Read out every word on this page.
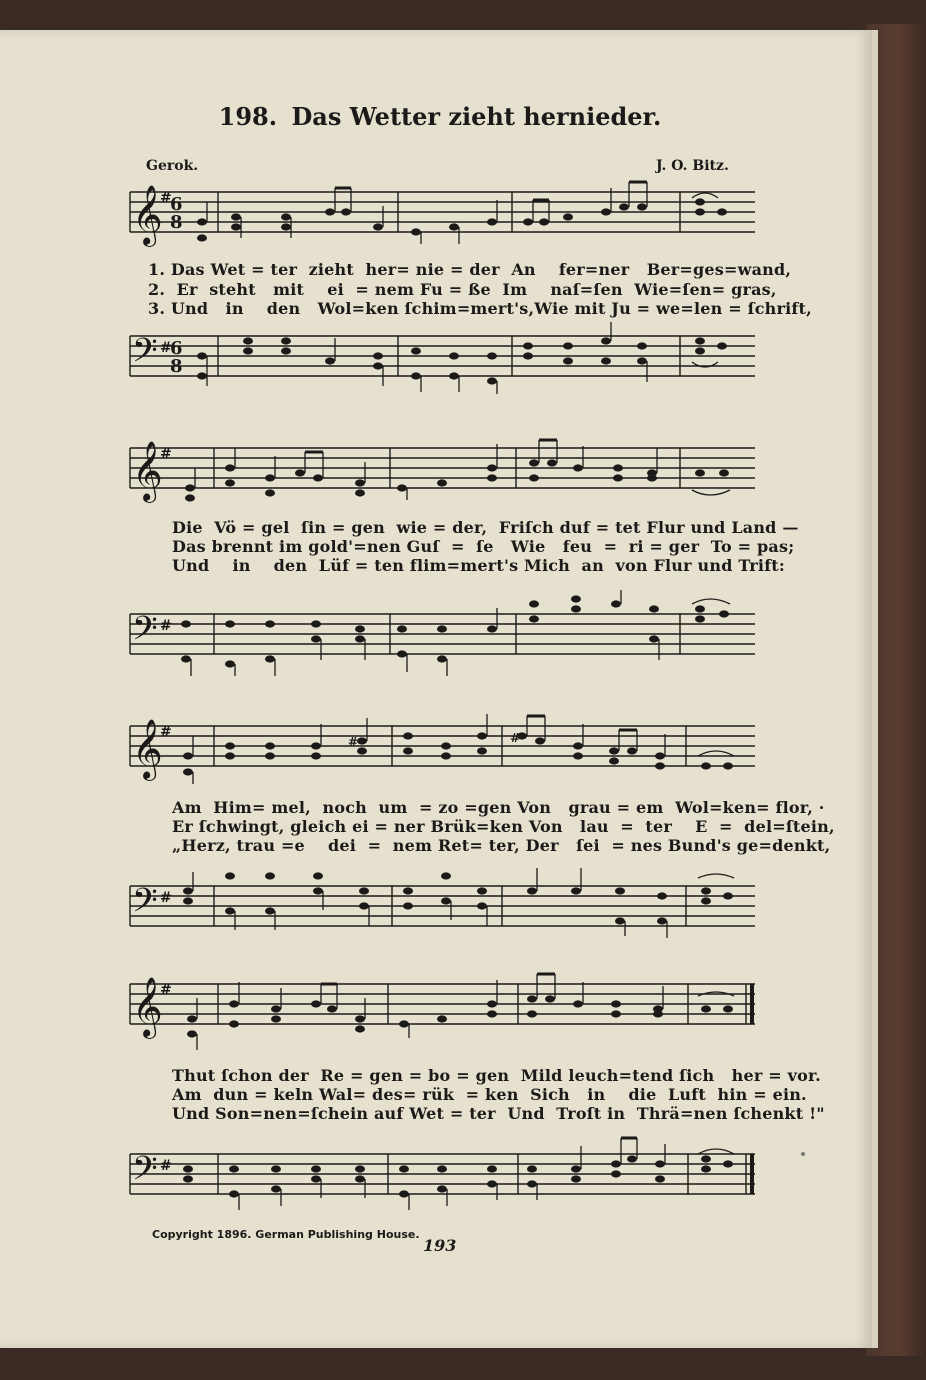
198. Das Wetter zieht hernieder.
Gerok.	J. O. Bitz.
𝄞
#
6
8
1. Das Wet = ter  zieht  her= nie = der  An    fer=ner   Ber=ges=wand,
2.  Er  steht   mit    ei  = nem Fu = ße  Im    naſ=ſen  Wie=ſen= gras,
3. Und   in    den   Wol=ken ſchim=mert's,Wie mit Ju = we=len = ſchrift,
𝄢 #
6
8
𝄞
#
Die  Vö = gel  ſin = gen  wie = der,  Friſch duf = tet Flur und Land —
Das brennt im gold'=nen Guſ  =  ſe   Wie   feu  =  ri = ger  To = pas;
Und    in    den  Lüf = ten flim=mert's Mich  an  von Flur und Trift:
𝄢 #
𝄞
#
#	#
Am  Him= mel,  noch  um  = zo =gen Von   grau = em  Wol=ken= flor, ·
Er ſchwingt, gleich ei = ner Brük=ken Von   lau  =  ter    E  =  del=ſtein,
„Herz, trau =e    dei  =  nem Ret= ter, Der   ſei  = nes Bund's ge=denkt,
𝄢 #
𝄞
#
Thut ſchon der  Re = gen = bo = gen  Mild leuch=tend ſich   her = vor.
Am  dun = keln Wal= des= rük  = ken  Sich   in    die  Luft  hin = ein.
Und Son=nen=ſchein auf Wet = ter  Und  Troſt in  Thrä=nen ſchenkt !"
𝄢 #
Copyright 1896. German Publishing House.
193
